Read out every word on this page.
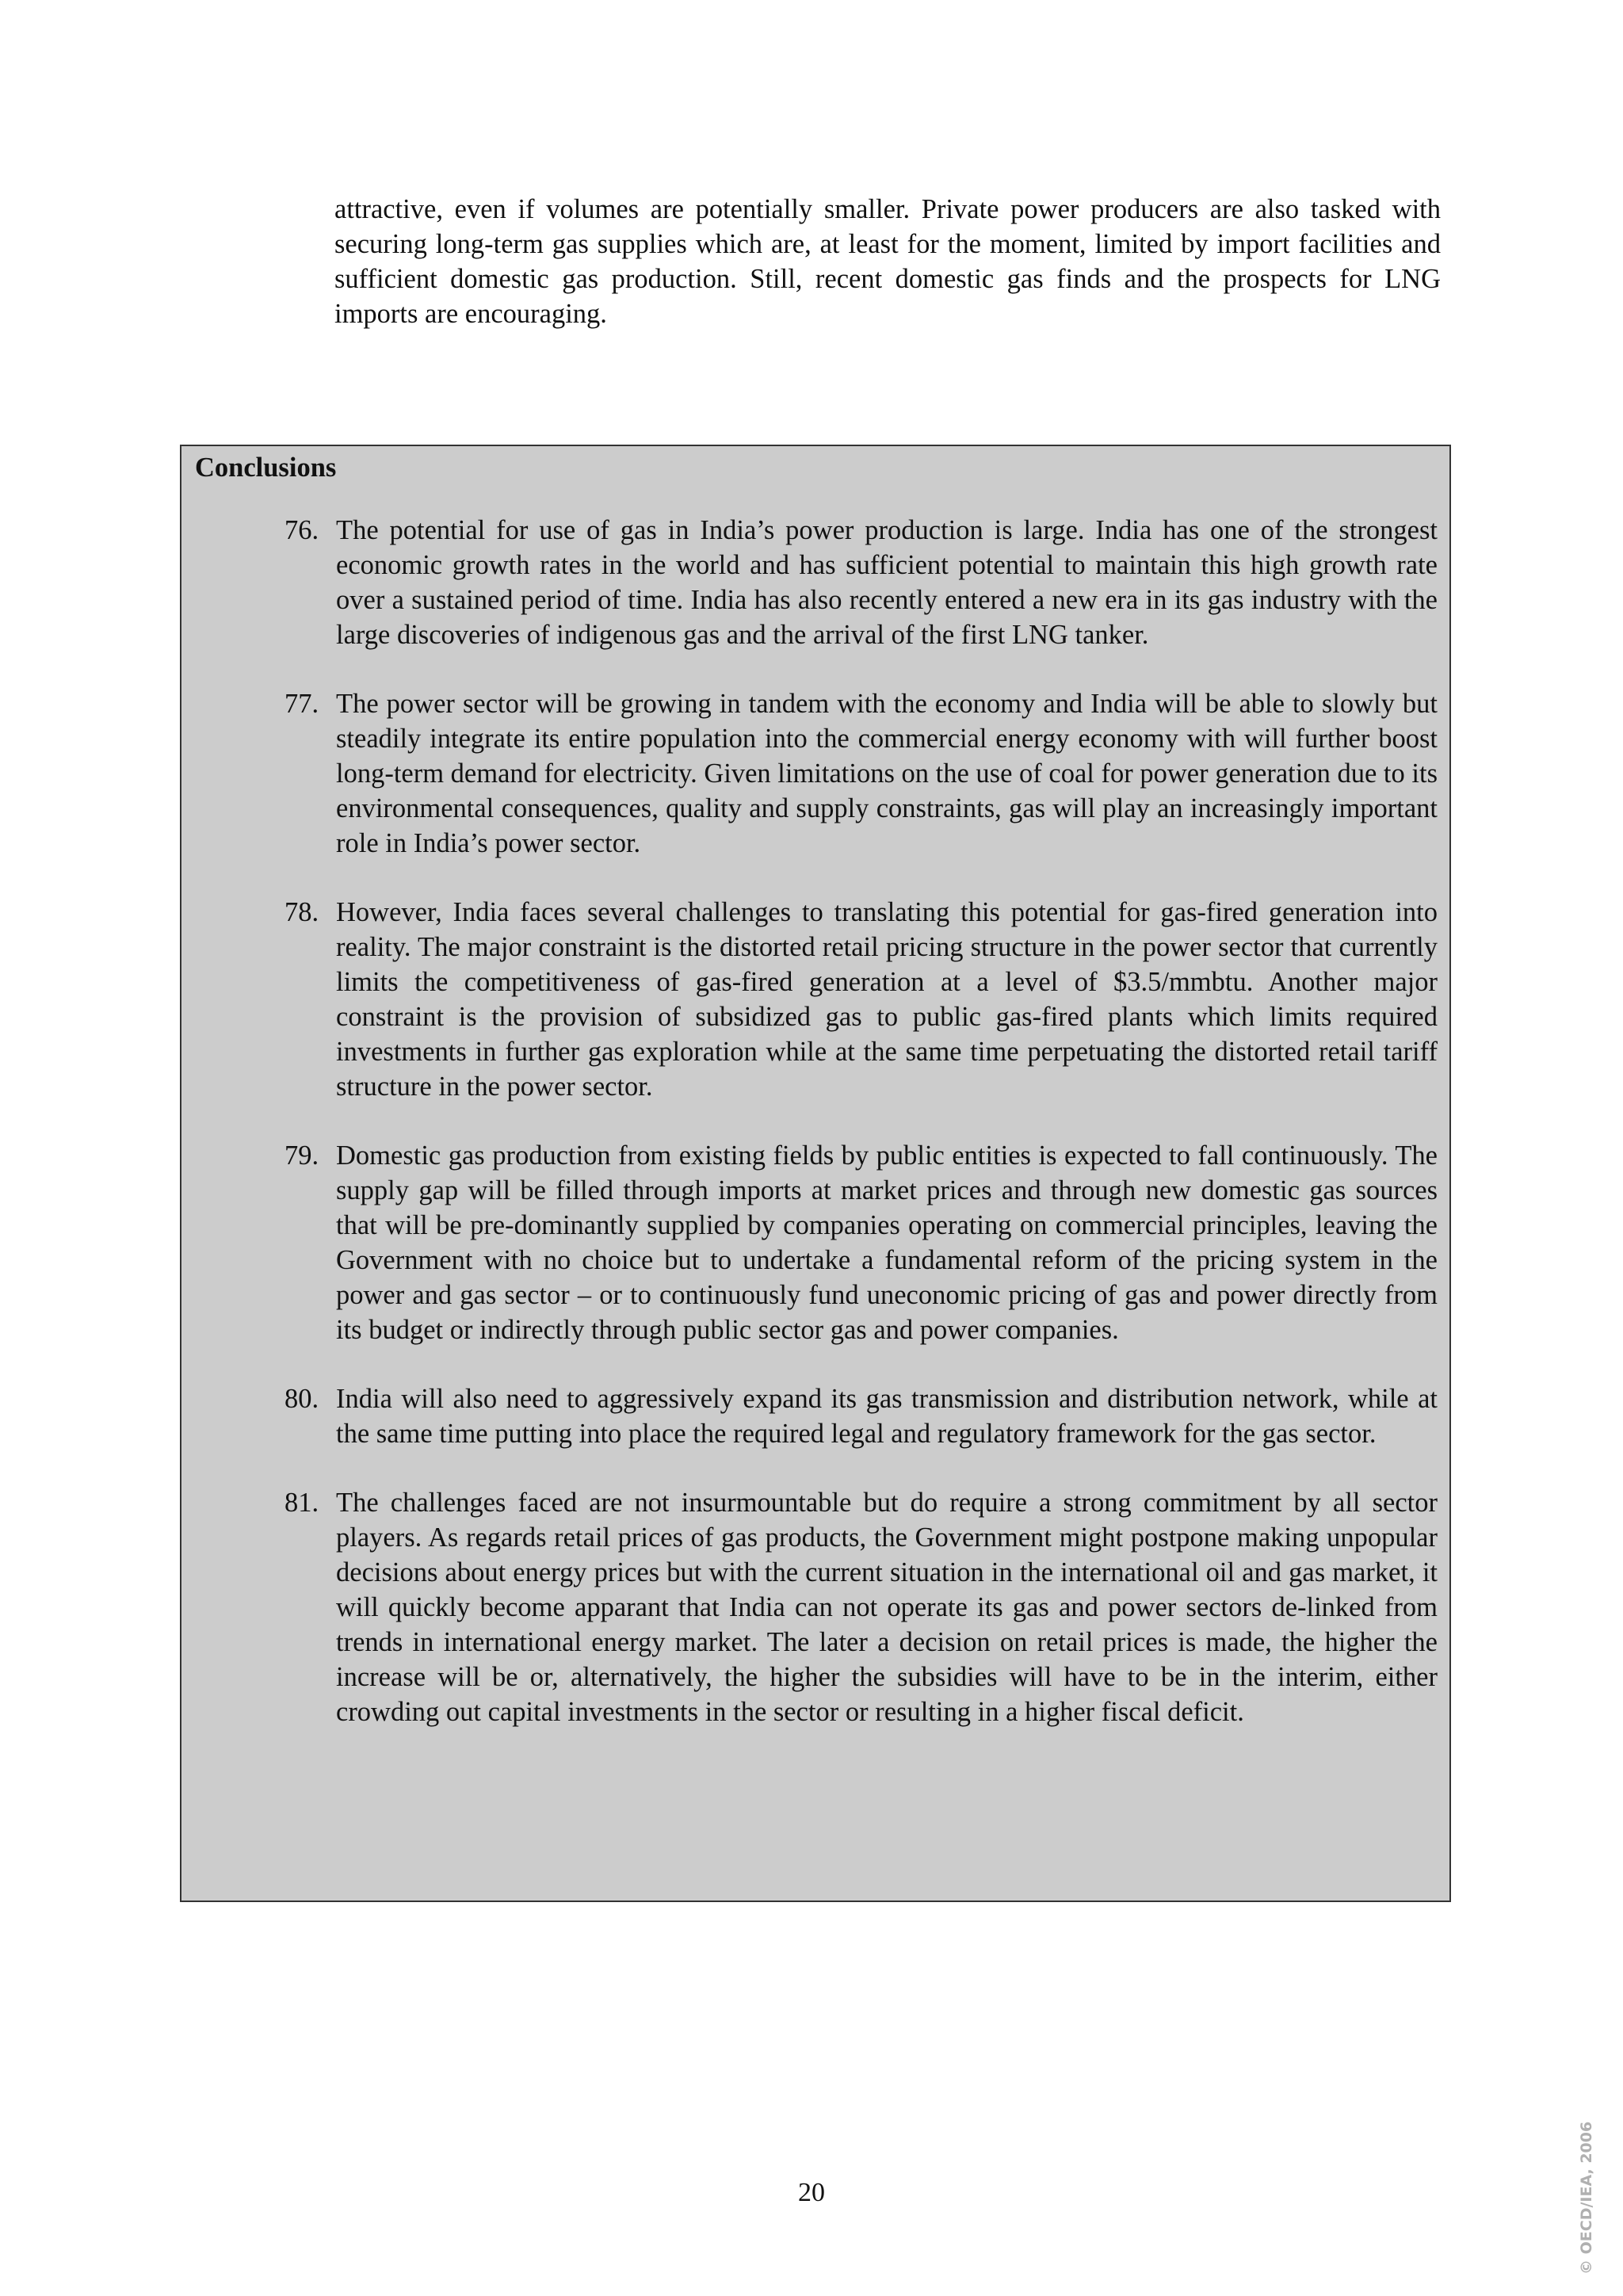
attractive, even if volumes are potentially smaller. Private power producers are also tasked with securing long-term gas supplies which are, at least for the moment, limited by import facilities and sufficient domestic gas production. Still, recent domestic gas finds and the prospects for LNG imports are encouraging.

Conclusions
76. The potential for use of gas in India’s power production is large. India has one of the strongest economic growth rates in the world and has sufficient potential to maintain this high growth rate over a sustained period of time. India has also recently entered a new era in its gas industry with the large discoveries of indigenous gas and the arrival of the first LNG tanker.
77. The power sector will be growing in tandem with the economy and India will be able to slowly but steadily integrate its entire population into the commercial energy economy with will further boost long-term demand for electricity. Given limitations on the use of coal for power generation due to its environmental consequences, quality and supply constraints, gas will play an increasingly important role in India’s power sector.
78. However, India faces several challenges to translating this potential for gas-fired generation into reality. The major constraint is the distorted retail pricing structure in the power sector that currently limits the competitiveness of gas-fired generation at a level of $3.5/mmbtu. Another major constraint is the provision of subsidized gas to public gas-fired plants which limits required investments in further gas exploration while at the same time perpetuating the distorted retail tariff structure in the power sector.
79. Domestic gas production from existing fields by public entities is expected to fall continuously. The supply gap will be filled through imports at market prices and through new domestic gas sources that will be pre-dominantly supplied by companies operating on commercial principles, leaving the Government with no choice but to undertake a fundamental reform of the pricing system in the power and gas sector – or to continuously fund uneconomic pricing of gas and power directly from its budget or indirectly through public sector gas and power companies.
80. India will also need to aggressively expand its gas transmission and distribution network, while at the same time putting into place the required legal and regulatory framework for the gas sector.
81. The challenges faced are not insurmountable but do require a strong commitment by all sector players. As regards retail prices of gas products, the Government might postpone making unpopular decisions about energy prices but with the current situation in the international oil and gas market, it will quickly become apparant that India can not operate its gas and power sectors de-linked from trends in international energy market. The later a decision on retail prices is made, the higher the increase will be or, alternatively, the higher the subsidies will have to be in the interim, either crowding out capital investments in the sector or resulting in a higher fiscal deficit.

20	© OECD/IEA, 2006
